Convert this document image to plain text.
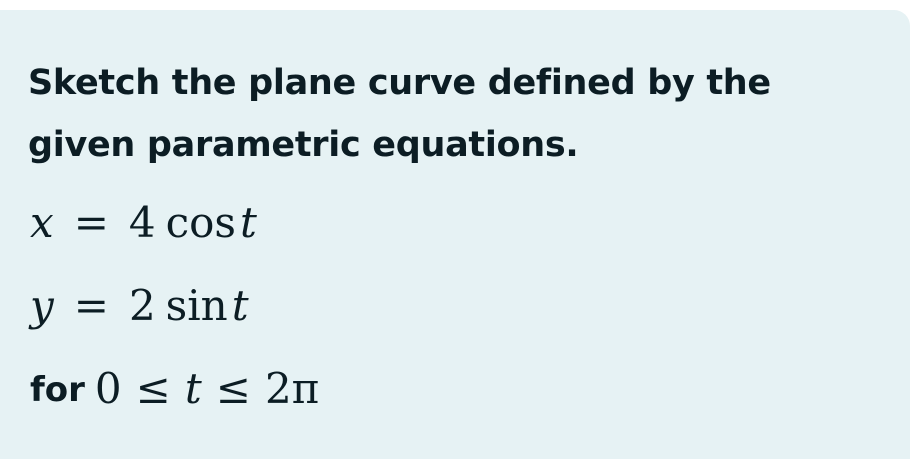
Sketch the plane curve defined by the given parametric equations.
x = 4 cost
y = 2 sint
for 0 ≤ t ≤ 2π
